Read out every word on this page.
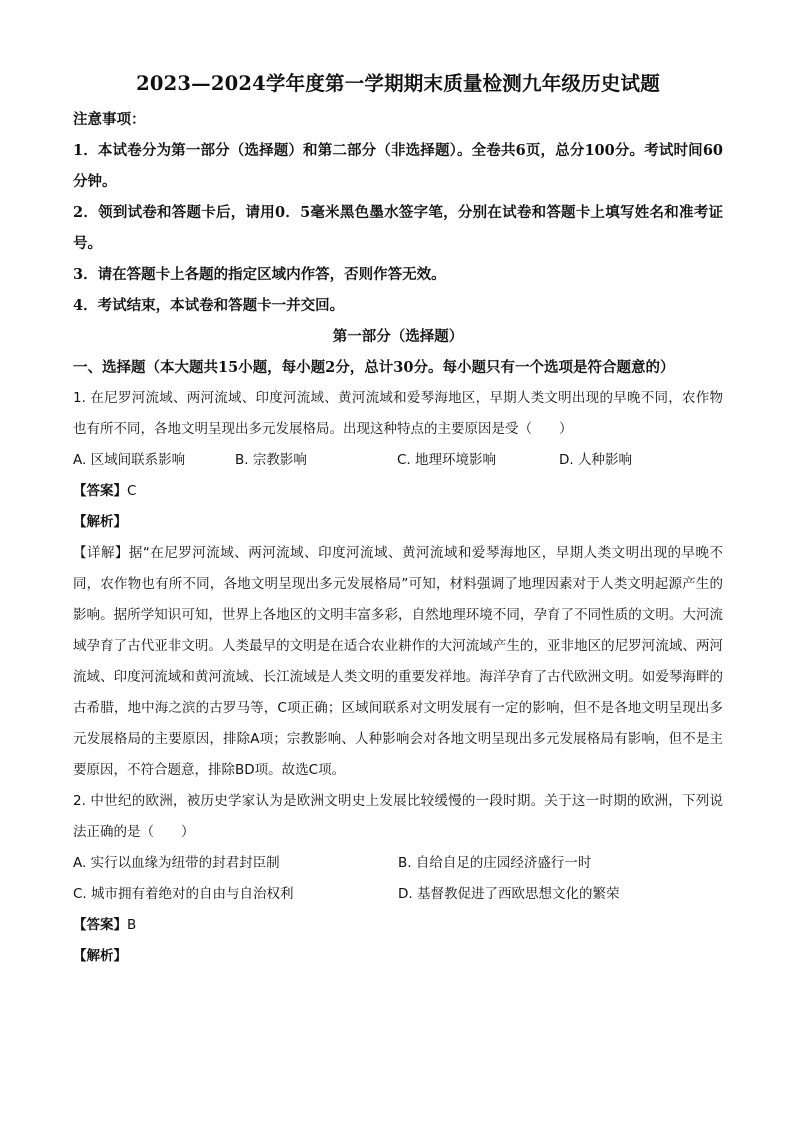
2023—2024学年度第一学期期末质量检测九年级历史试题

注意事项：

1．本试卷分为第一部分（选择题）和第二部分（非选择题）。全卷共6页，总分100分。考试时间60分钟。

2．领到试卷和答题卡后，请用0．5毫米黑色墨水签字笔，分别在试卷和答题卡上填写姓名和准考证号。

3．请在答题卡上各题的指定区域内作答，否则作答无效。

4．考试结束，本试卷和答题卡一并交回。

第一部分（选择题）

一、选择题（本大题共15小题，每小题2分，总计30分。每小题只有一个选项是符合题意的）

1. 在尼罗河流域、两河流域、印度河流域、黄河流域和爱琴海地区，早期人类文明出现的早晚不同，农作物也有所不同，各地文明呈现出多元发展格局。出现这种特点的主要原因是受（　　）

A. 区域间联系影响	B. 宗教影响	C. 地理环境影响	D. 人种影响

【答案】C

【解析】

【详解】据“在尼罗河流域、两河流域、印度河流域、黄河流域和爱琴海地区，早期人类文明出现的早晚不同，农作物也有所不同，各地文明呈现出多元发展格局”可知，材料强调了地理因素对于人类文明起源产生的影响。据所学知识可知，世界上各地区的文明丰富多彩，自然地理环境不同，孕育了不同性质的文明。大河流域孕育了古代亚非文明。人类最早的文明是在适合农业耕作的大河流域产生的，亚非地区的尼罗河流域、两河流域、印度河流域和黄河流域、长江流域是人类文明的重要发祥地。海洋孕育了古代欧洲文明。如爱琴海畔的古希腊，地中海之滨的古罗马等，C项正确；区域间联系对文明发展有一定的影响，但不是各地文明呈现出多元发展格局的主要原因，排除A项；宗教影响、人种影响会对各地文明呈现出多元发展格局有影响，但不是主要原因，不符合题意，排除BD项。故选C项。

2. 中世纪的欧洲，被历史学家认为是欧洲文明史上发展比较缓慢的一段时期。关于这一时期的欧洲，下列说法正确的是（　　）

A. 实行以血缘为纽带的封君封臣制	B. 自给自足的庄园经济盛行一时
C. 城市拥有着绝对的自由与自治权利	D. 基督教促进了西欧思想文化的繁荣

【答案】B

【解析】
